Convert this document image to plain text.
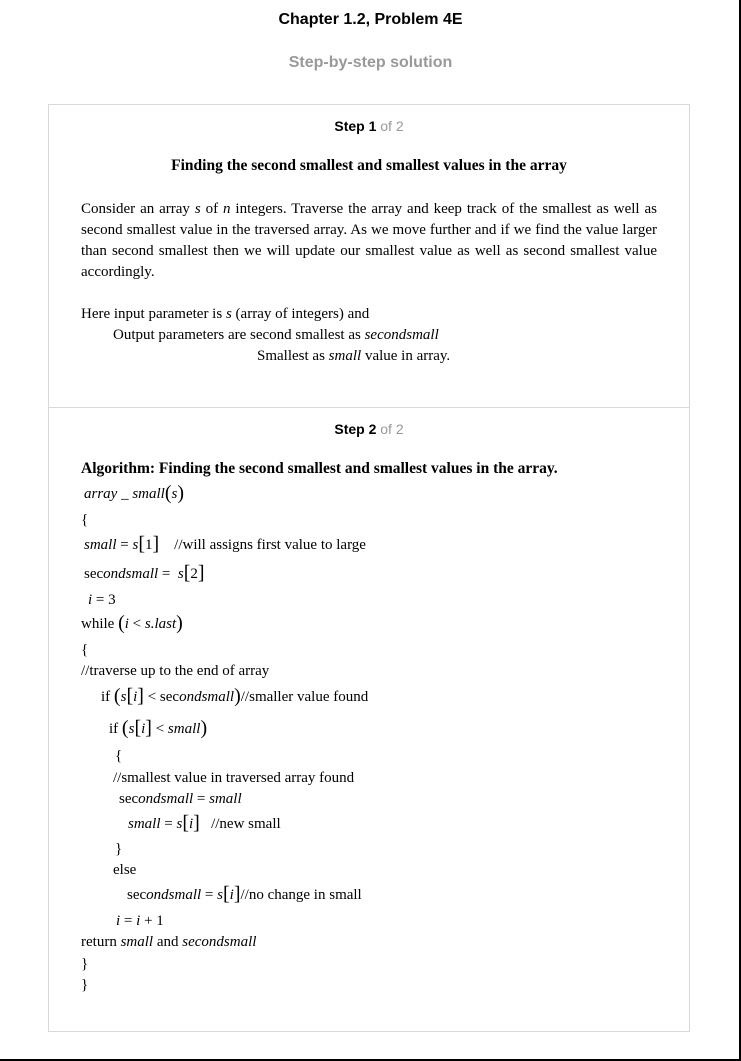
Chapter 1.2, Problem 4E
Step-by-step solution
Step 1 of 2
Finding the second smallest and smallest values in the array
Consider an array s of n integers. Traverse the array and keep track of the smallest as well as second smallest value in the traversed array. As we move further and if we find the value larger than second smallest then we will update our smallest value as well as second smallest value accordingly.
Here input parameter is s (array of integers) and
Output parameters are second smallest as secondsmall
Smallest as small value in array.
Step 2 of 2
Algorithm: Finding the second smallest and smallest values in the array.
array _ small(s)
{
small = s[1] //will assigns first value to large
secondsmall =  s[2]
i = 3
while (i < s.last)
{
//traverse up to the end of array
if (s[i] < secondsmall)//smaller value found
if (s[i] < small)
{
//smallest value in traversed array found
secondsmall = small
small = s[i] //new small
}
else
secondsmall = s[i]//no change in small
i = i + 1
return small and secondsmall
}
}
